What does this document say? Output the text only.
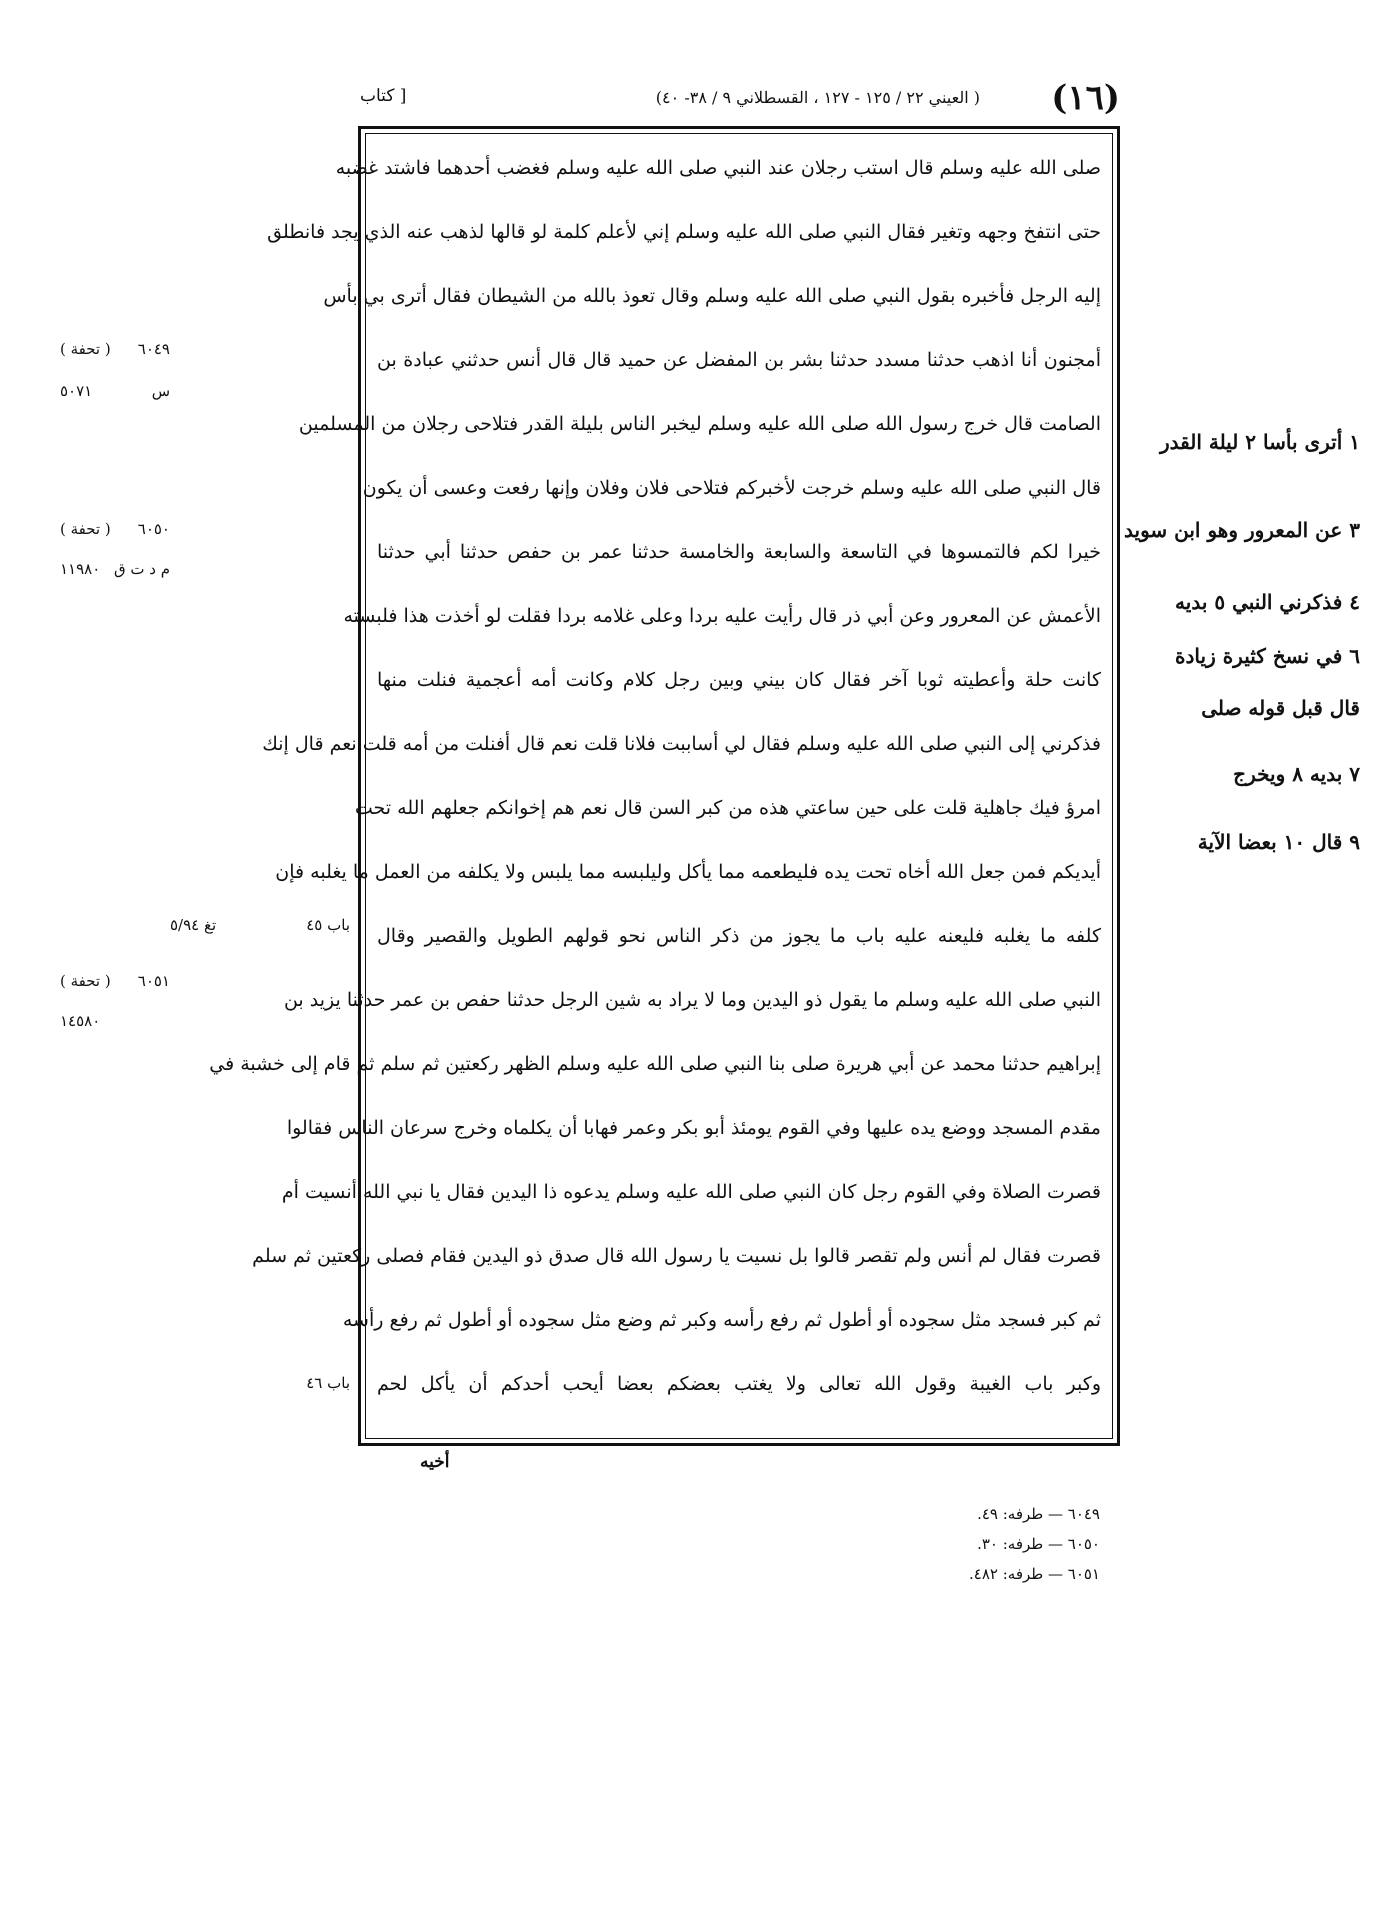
(١٦)
( العيني ٢٢ / ١٢٥ - ١٢٧ ، القسطلاني ٩ / ٣٨- ٤٠)
[ كتاب
صلى الله عليه وسلم قال استب رجلان عند النبي صلى الله عليه وسلم فغضب أحدهما فاشتد غضبه
حتى انتفخ وجهه وتغير فقال النبي صلى الله عليه وسلم إني لأعلم كلمة لو قالها لذهب عنه الذي يجد فانطلق
إليه الرجل فأخبره بقول النبي صلى الله عليه وسلم وقال تعوذ بالله من الشيطان فقال أترى بي بأس
أمجنون أنا اذهب حدثنا مسدد حدثنا بشر بن المفضل عن حميد قال قال أنس حدثني عبادة بن
الصامت قال خرج رسول الله صلى الله عليه وسلم ليخبر الناس بليلة القدر فتلاحى رجلان من المسلمين
قال النبي صلى الله عليه وسلم خرجت لأخبركم فتلاحى فلان وفلان وإنها رفعت وعسى أن يكون
خيرا لكم فالتمسوها في التاسعة والسابعة والخامسة حدثنا عمر بن حفص حدثنا أبي حدثنا
الأعمش عن المعرور وعن أبي ذر قال رأيت عليه بردا وعلى غلامه بردا فقلت لو أخذت هذا فلبسته
كانت حلة وأعطيته ثوبا آخر فقال كان بيني وبين رجل كلام وكانت أمه أعجمية فنلت منها
فذكرني إلى النبي صلى الله عليه وسلم فقال لي أساببت فلانا قلت نعم قال أفنلت من أمه قلت نعم قال إنك
امرؤ فيك جاهلية قلت على حين ساعتي هذه من كبر السن قال نعم هم إخوانكم جعلهم الله تحت
أيديكم فمن جعل الله أخاه تحت يده فليطعمه مما يأكل وليلبسه مما يلبس ولا يكلفه من العمل ما يغلبه فإن
كلفه ما يغلبه فليعنه عليه باب ما يجوز من ذكر الناس نحو قولهم الطويل والقصير وقال
النبي صلى الله عليه وسلم ما يقول ذو اليدين وما لا يراد به شين الرجل حدثنا حفص بن عمر حدثنا يزيد بن
إبراهيم حدثنا محمد عن أبي هريرة صلى بنا النبي صلى الله عليه وسلم الظهر ركعتين ثم سلم ثم قام إلى خشبة في
مقدم المسجد ووضع يده عليها وفي القوم يومئذ أبو بكر وعمر فهابا أن يكلماه وخرج سرعان الناس فقالوا
قصرت الصلاة وفي القوم رجل كان النبي صلى الله عليه وسلم يدعوه ذا اليدين فقال يا نبي الله أنسيت أم
قصرت فقال لم أنس ولم تقصر قالوا بل نسيت يا رسول الله قال صدق ذو اليدين فقام فصلى ركعتين ثم سلم
ثم كبر فسجد مثل سجوده أو أطول ثم رفع رأسه وكبر ثم وضع مثل سجوده أو أطول ثم رفع رأسه
وكبر باب الغيبة وقول الله تعالى ولا يغتب بعضكم بعضا أيحب أحدكم أن يأكل لحم
٦٠٤٩
( تحفة )
س
٥٠٧١
٦٠٥٠
( تحفة )
م د ت ق
١١٩٨٠
باب ٤٥
تغ ٥/٩٤
٦٠٥١
( تحفة )
١٤٥٨٠
باب ٤٦
١ أترى بأسا ٢ ليلة القدر
٣ عن المعرور وهو ابن سويد
٤ فذكرني النبي ٥ بديه
٦ في نسخ كثيرة زيادة
قال قبل قوله صلى
٧ بديه ٨ ويخرج
٩ قال ١٠ بعضا الآية
أخيه
٦٠٤٩ — طرفه: ٤٩.
٦٠٥٠ — طرفه: ٣٠.
٦٠٥١ — طرفه: ٤٨٢.
